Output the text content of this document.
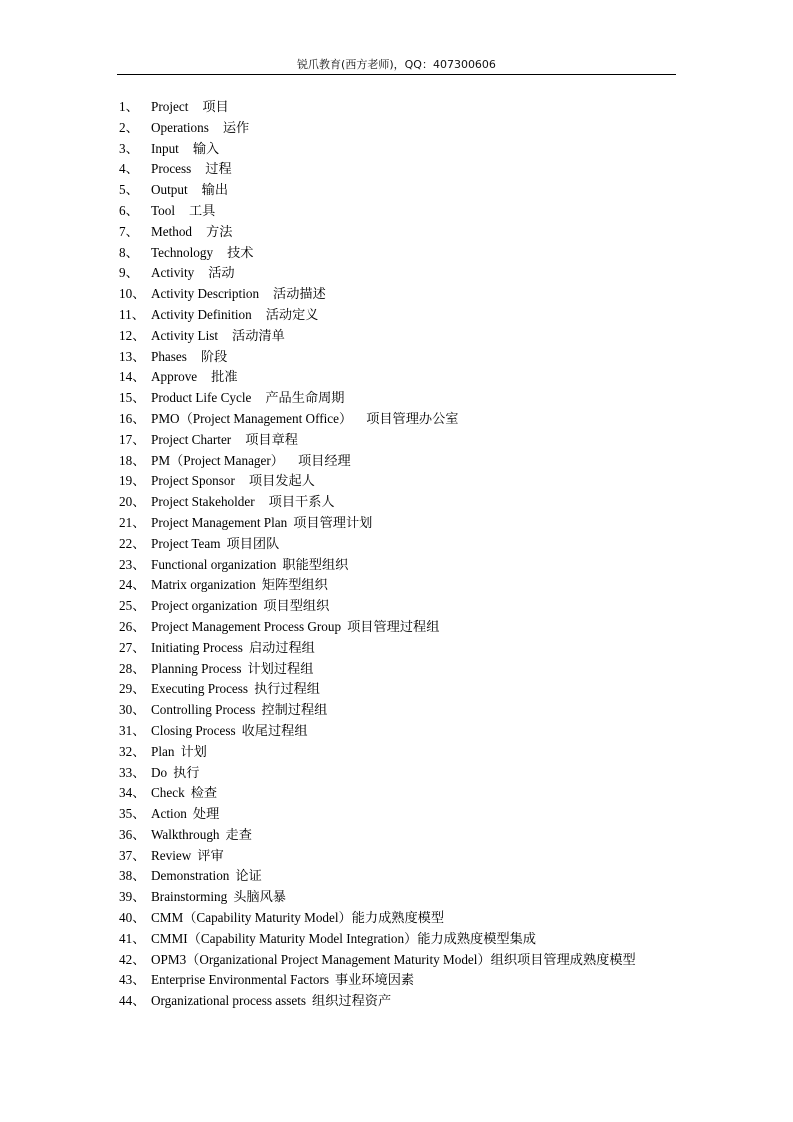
锐爪教育(西方老师)，QQ：407300606
1、 Project 项目
2、 Operations 运作
3、 Input 输入
4、 Process 过程
5、 Output 输出
6、 Tool 工具
7、 Method 方法
8、 Technology 技术
9、 Activity 活动
10、 Activity Description 活动描述
11、 Activity Definition 活动定义
12、 Activity List 活动清单
13、 Phases 阶段
14、 Approve 批准
15、 Product Life Cycle 产品生命周期
16、 PMO（Project Management Office） 项目管理办公室
17、 Project Charter 项目章程
18、 PM（Project Manager） 项目经理
19、 Project Sponsor 项目发起人
20、 Project Stakeholder 项目干系人
21、 Project Management Plan 项目管理计划
22、 Project Team 项目团队
23、 Functional organization 职能型组织
24、 Matrix organization 矩阵型组织
25、 Project organization 项目型组织
26、 Project Management Process Group 项目管理过程组
27、 Initiating Process 启动过程组
28、 Planning Process 计划过程组
29、 Executing Process 执行过程组
30、 Controlling Process 控制过程组
31、 Closing Process 收尾过程组
32、 Plan 计划
33、 Do 执行
34、 Check 检查
35、 Action 处理
36、 Walkthrough 走查
37、 Review 评审
38、 Demonstration 论证
39、 Brainstorming 头脑风暴
40、 CMM（Capability Maturity Model）能力成熟度模型
41、 CMMI（Capability Maturity Model Integration）能力成熟度模型集成
42、 OPM3（Organizational Project Management Maturity Model）组织项目管理成熟度模型
43、 Enterprise Environmental Factors 事业环境因素
44、 Organizational process assets 组织过程资产
